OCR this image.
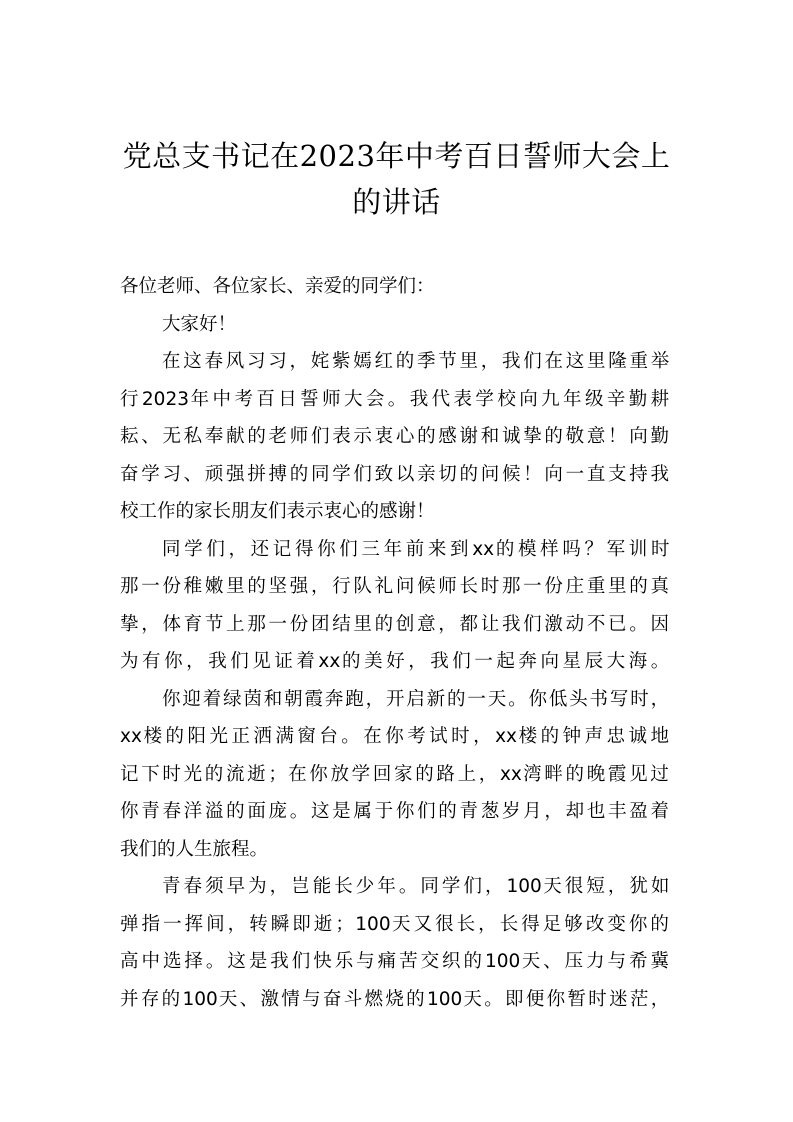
党总支书记在2023年中考百日誓师大会上
的讲话
各位老师、各位家长、亲爱的同学们：
大家好！
在 这 春 风 习 习 ， 姹 紫 嫣 红 的 季 节 里 ， 我 们 在 这 里 隆 重 举
行 2023 年 中 考 百 日 誓 师 大 会 。 我 代 表 学 校 向 九 年 级 辛 勤 耕
耘 、 无 私 奉 献 的 老 师 们 表 示 衷 心 的 感 谢 和 诚 挚 的 敬 意 ！ 向 勤
奋 学 习 、 顽 强 拼 搏 的 同 学 们 致 以 亲 切 的 问 候 ！ 向 一 直 支 持 我
校工作的家长朋友们表示衷心的感谢！
同 学 们 ， 还 记 得 你 们 三 年 前 来 到 xx 的 模 样 吗 ？ 军 训 时
那 一 份 稚 嫩 里 的 坚 强 ， 行 队 礼 问 候 师 长 时 那 一 份 庄 重 里 的 真
挚 ， 体 育 节 上 那 一 份 团 结 里 的 创 意 ， 都 让 我 们 激 动 不 已 。 因
为 有 你 ， 我 们 见 证 着 xx 的 美 好 ， 我 们 一 起 奔 向 星 辰 大 海 。
你 迎 着 绿 茵 和 朝 霞 奔 跑 ， 开 启 新 的 一 天 。 你 低 头 书 写 时 ，
xx 楼 的 阳 光 正 洒 满 窗 台 。 在 你 考 试 时 ， xx 楼 的 钟 声 忠 诚 地
记 下 时 光 的 流 逝 ； 在 你 放 学 回 家 的 路 上 ， xx 湾 畔 的 晚 霞 见 过
你 青 春 洋 溢 的 面 庞 。 这 是 属 于 你 们 的 青 葱 岁 月 ， 却 也 丰 盈 着
我们的人生旅程。
青 春 须 早 为 ， 岂 能 长 少 年 。 同 学 们 ， 100 天 很 短 ， 犹 如
弹 指 一 挥 间 ， 转 瞬 即 逝 ； 100 天 又 很 长 ， 长 得 足 够 改 变 你 的
高 中 选 择 。 这 是 我 们 快 乐 与 痛 苦 交 织 的 100 天 、 压 力 与 希 冀
并 存 的 100 天 、 激 情 与 奋 斗 燃 烧 的 100 天 。 即 便 你 暂 时 迷 茫 ，
